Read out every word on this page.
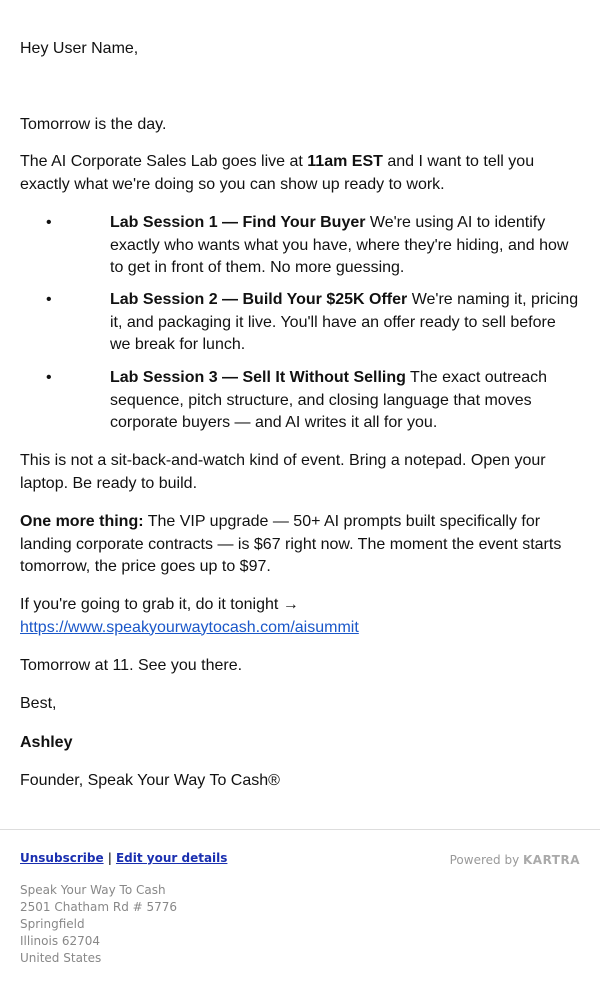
Hey User Name,

Tomorrow is the day.

The AI Corporate Sales Lab goes live at 11am EST and I want to tell you exactly what we're doing so you can show up ready to work.

•	Lab Session 1 — Find Your Buyer We're using AI to identify exactly who wants what you have, where they're hiding, and how to get in front of them. No more guessing.
•	Lab Session 2 — Build Your $25K Offer We're naming it, pricing it, and packaging it live. You'll have an offer ready to sell before we break for lunch.
•	Lab Session 3 — Sell It Without Selling The exact outreach sequence, pitch structure, and closing language that moves corporate buyers — and AI writes it all for you.

This is not a sit-back-and-watch kind of event. Bring a notepad. Open your laptop. Be ready to build.

One more thing: The VIP upgrade — 50+ AI prompts built specifically for landing corporate contracts — is $67 right now. The moment the event starts tomorrow, the price goes up to $97.

If you're going to grab it, do it tonight →
https://www.speakyourwaytocash.com/aisummit

Tomorrow at 11. See you there.

Best,

Ashley

Founder, Speak Your Way To Cash®

Unsubscribe | Edit your details	Powered by KARTRA
Speak Your Way To Cash
2501 Chatham Rd # 5776
Springfield
Illinois 62704
United States
